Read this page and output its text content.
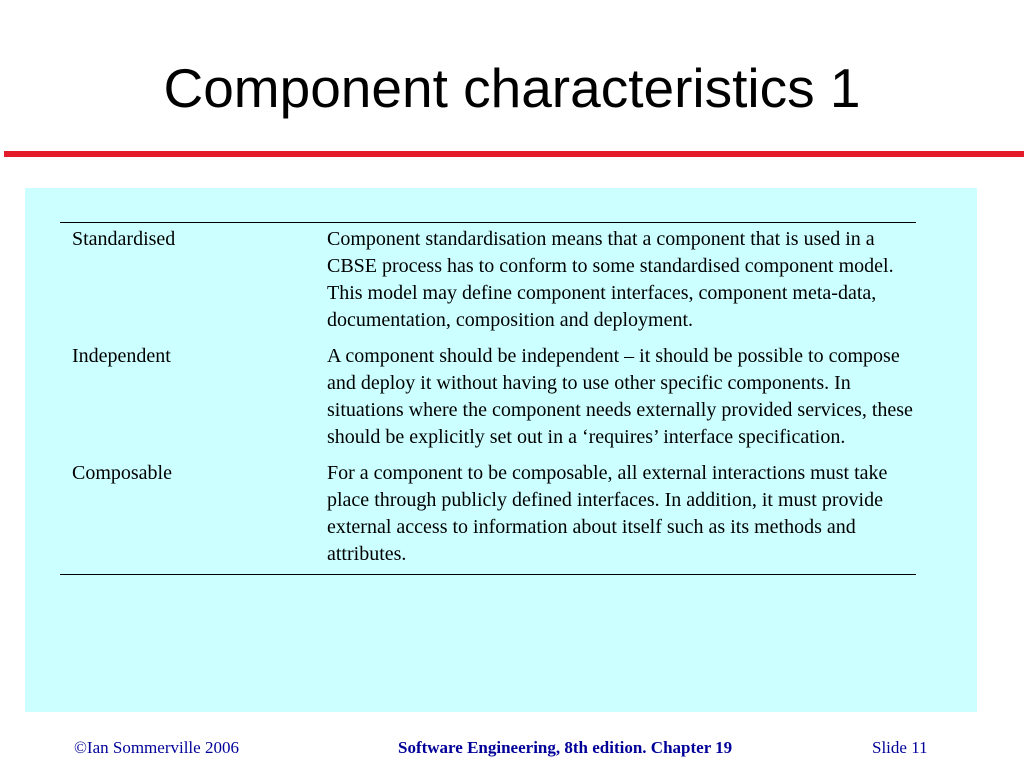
Component characteristics 1
Standardised	Component standardisation means that a component that is used in a CBSE process has to conform to some standardised component model. This model may define component interfaces, component meta-data, documentation, composition and deployment.
Independent	A component should be independent – it should be possible to compose and deploy it without having to use other specific components. In situations where the component needs externally provided services, these should be explicitly set out in a ‘requires’ interface specification.
Composable	For a component to be composable, all external interactions must take place through publicly defined interfaces. In addition, it must provide external access to information about itself such as its methods and attributes.
©Ian Sommerville 2006	Software Engineering, 8th edition. Chapter 19	Slide 11
